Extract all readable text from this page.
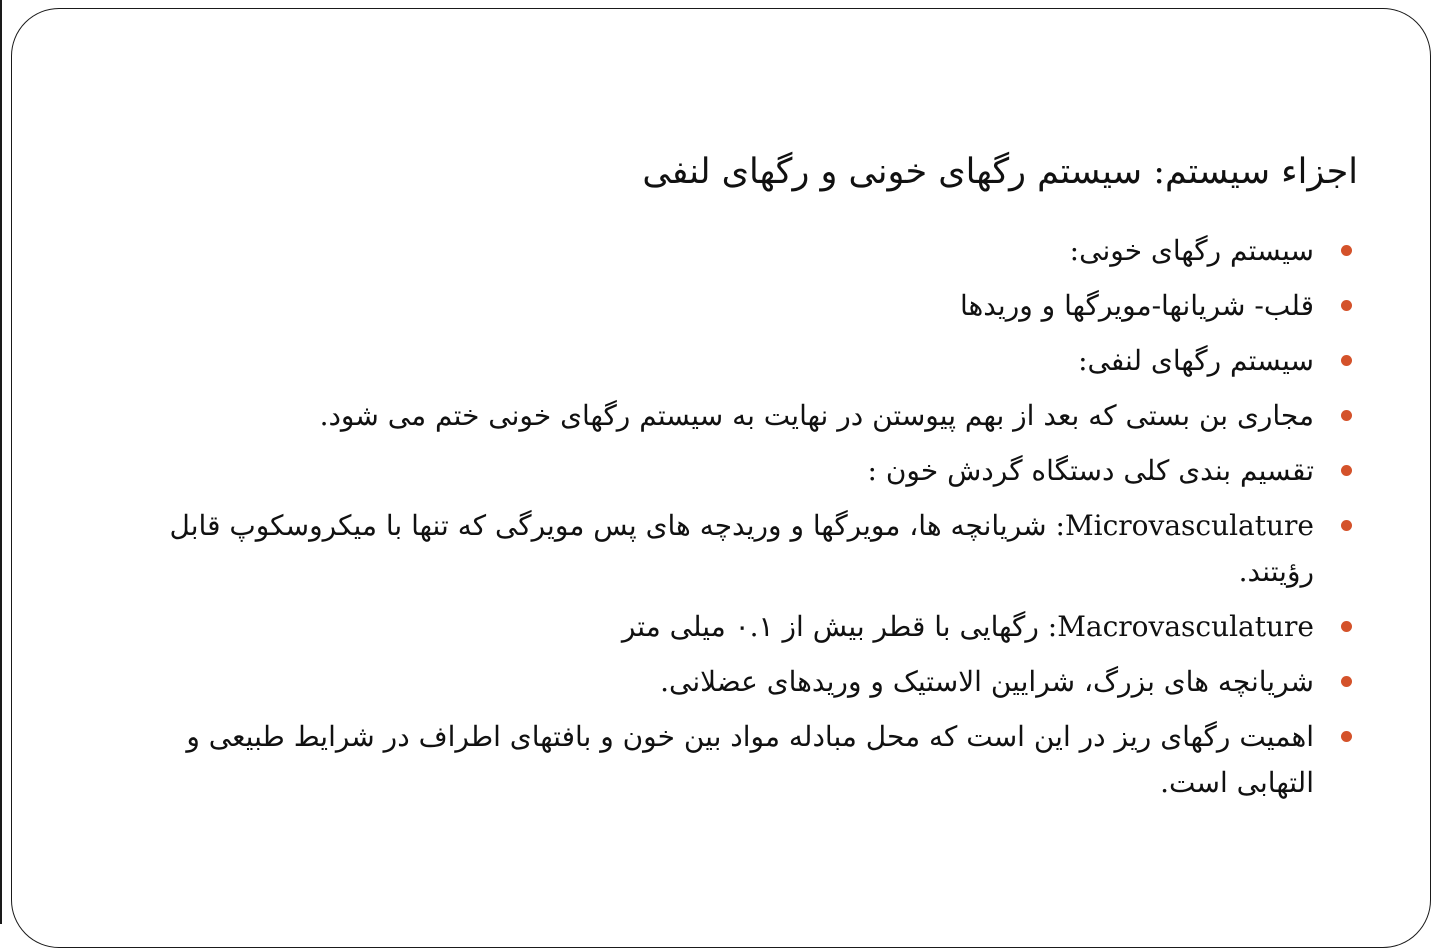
اجزاء سیستم: سیستم رگهای خونی و رگهای لنفی
سیستم رگهای خونی:
قلب- شریانها-مویرگها و وریدها
سیستم رگهای لنفی:
مجاری بن بستی که بعد از بهم پیوستن در نهایت به سیستم رگهای خونی ختم می شود.
تقسیم بندی کلی دستگاه گردش خون :
Microvasculature: شریانچه ها، مویرگها و وریدچه های پس مویرگی که تنها با میکروسکوپ قابل رؤیتند.
Macrovasculature: رگهایی با قطر بیش از ۰.۱ میلی متر
شریانچه های بزرگ، شرایین الاستیک و وریدهای عضلانی.
اهمیت رگهای ریز در این است که محل مبادله مواد بین خون و بافتهای اطراف در شرایط طبیعی و التهابی است.
